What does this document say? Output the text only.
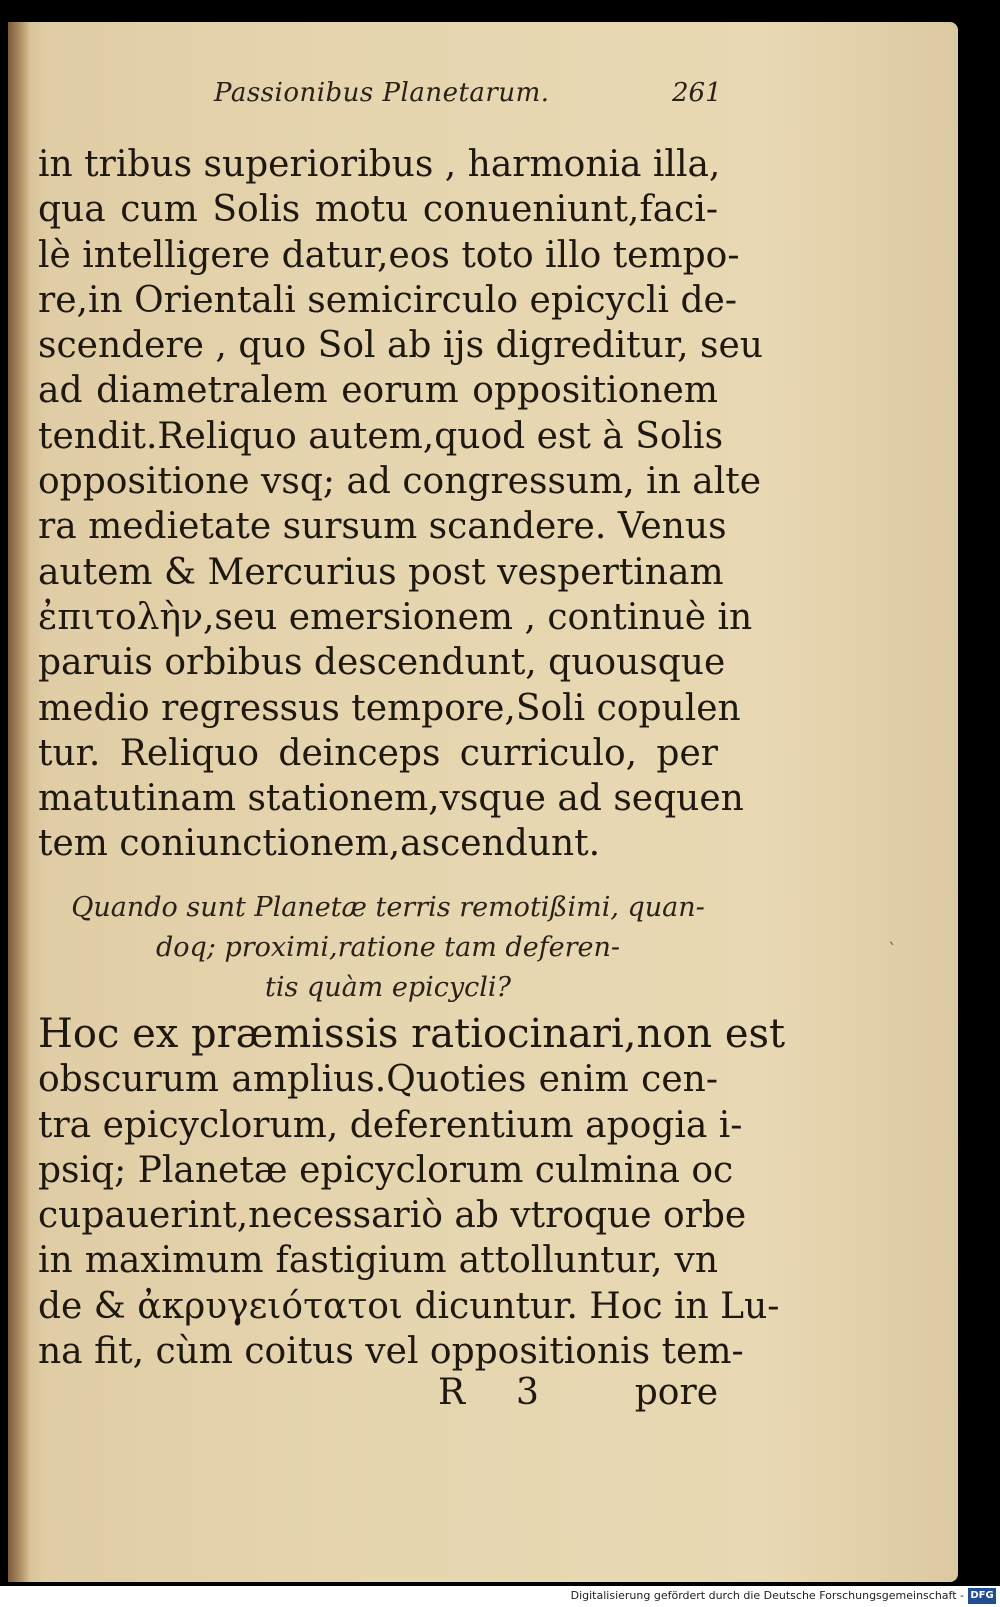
Passionibus Planetarum.	261
in tribus superioribus , harmonia illa,
qua cum Solis motu conueniunt,faci-
lè intelligere datur,eos toto illo tempo-
re,in Orientali semicirculo epicycli de-
scendere , quo Sol ab ijs digreditur, seu
ad diametralem eorum oppositionem
tendit.Reliquo autem,quod est à Solis
oppositione vsq; ad congressum, in alte
ra medietate sursum scandere. Venus
autem & Mercurius post vespertinam
ἐπιτολὴν,seu emersionem , continuè in
paruis orbibus descendunt, quousque
medio regressus tempore,Soli copulen
tur. Reliquo deinceps curriculo, per
matutinam stationem,vsque ad sequen
tem coniunctionem,ascendunt.
Quando sunt Planetæ terris remotißimi, quan-
doq; proximi,ratione tam deferen-
tis quàm epicycli?
ˋ
Hoc ex præmissis ratiocinari,non est
obscurum amplius.Quoties enim cen-
tra epicyclorum, deferentium apogia i-
psiq; Planetæ epicyclorum culmina oc
cupauerint,necessariò ab vtroque orbe
in maximum fastigium attolluntur, vn
de & ἀκρυγειότατοι dicuntur. Hoc in Lu-
na fit, cùm coitus vel oppositionis tem-
R 3	pore
Digitalisierung gefördert durch die Deutsche Forschungsgemeinschaft - DFG
